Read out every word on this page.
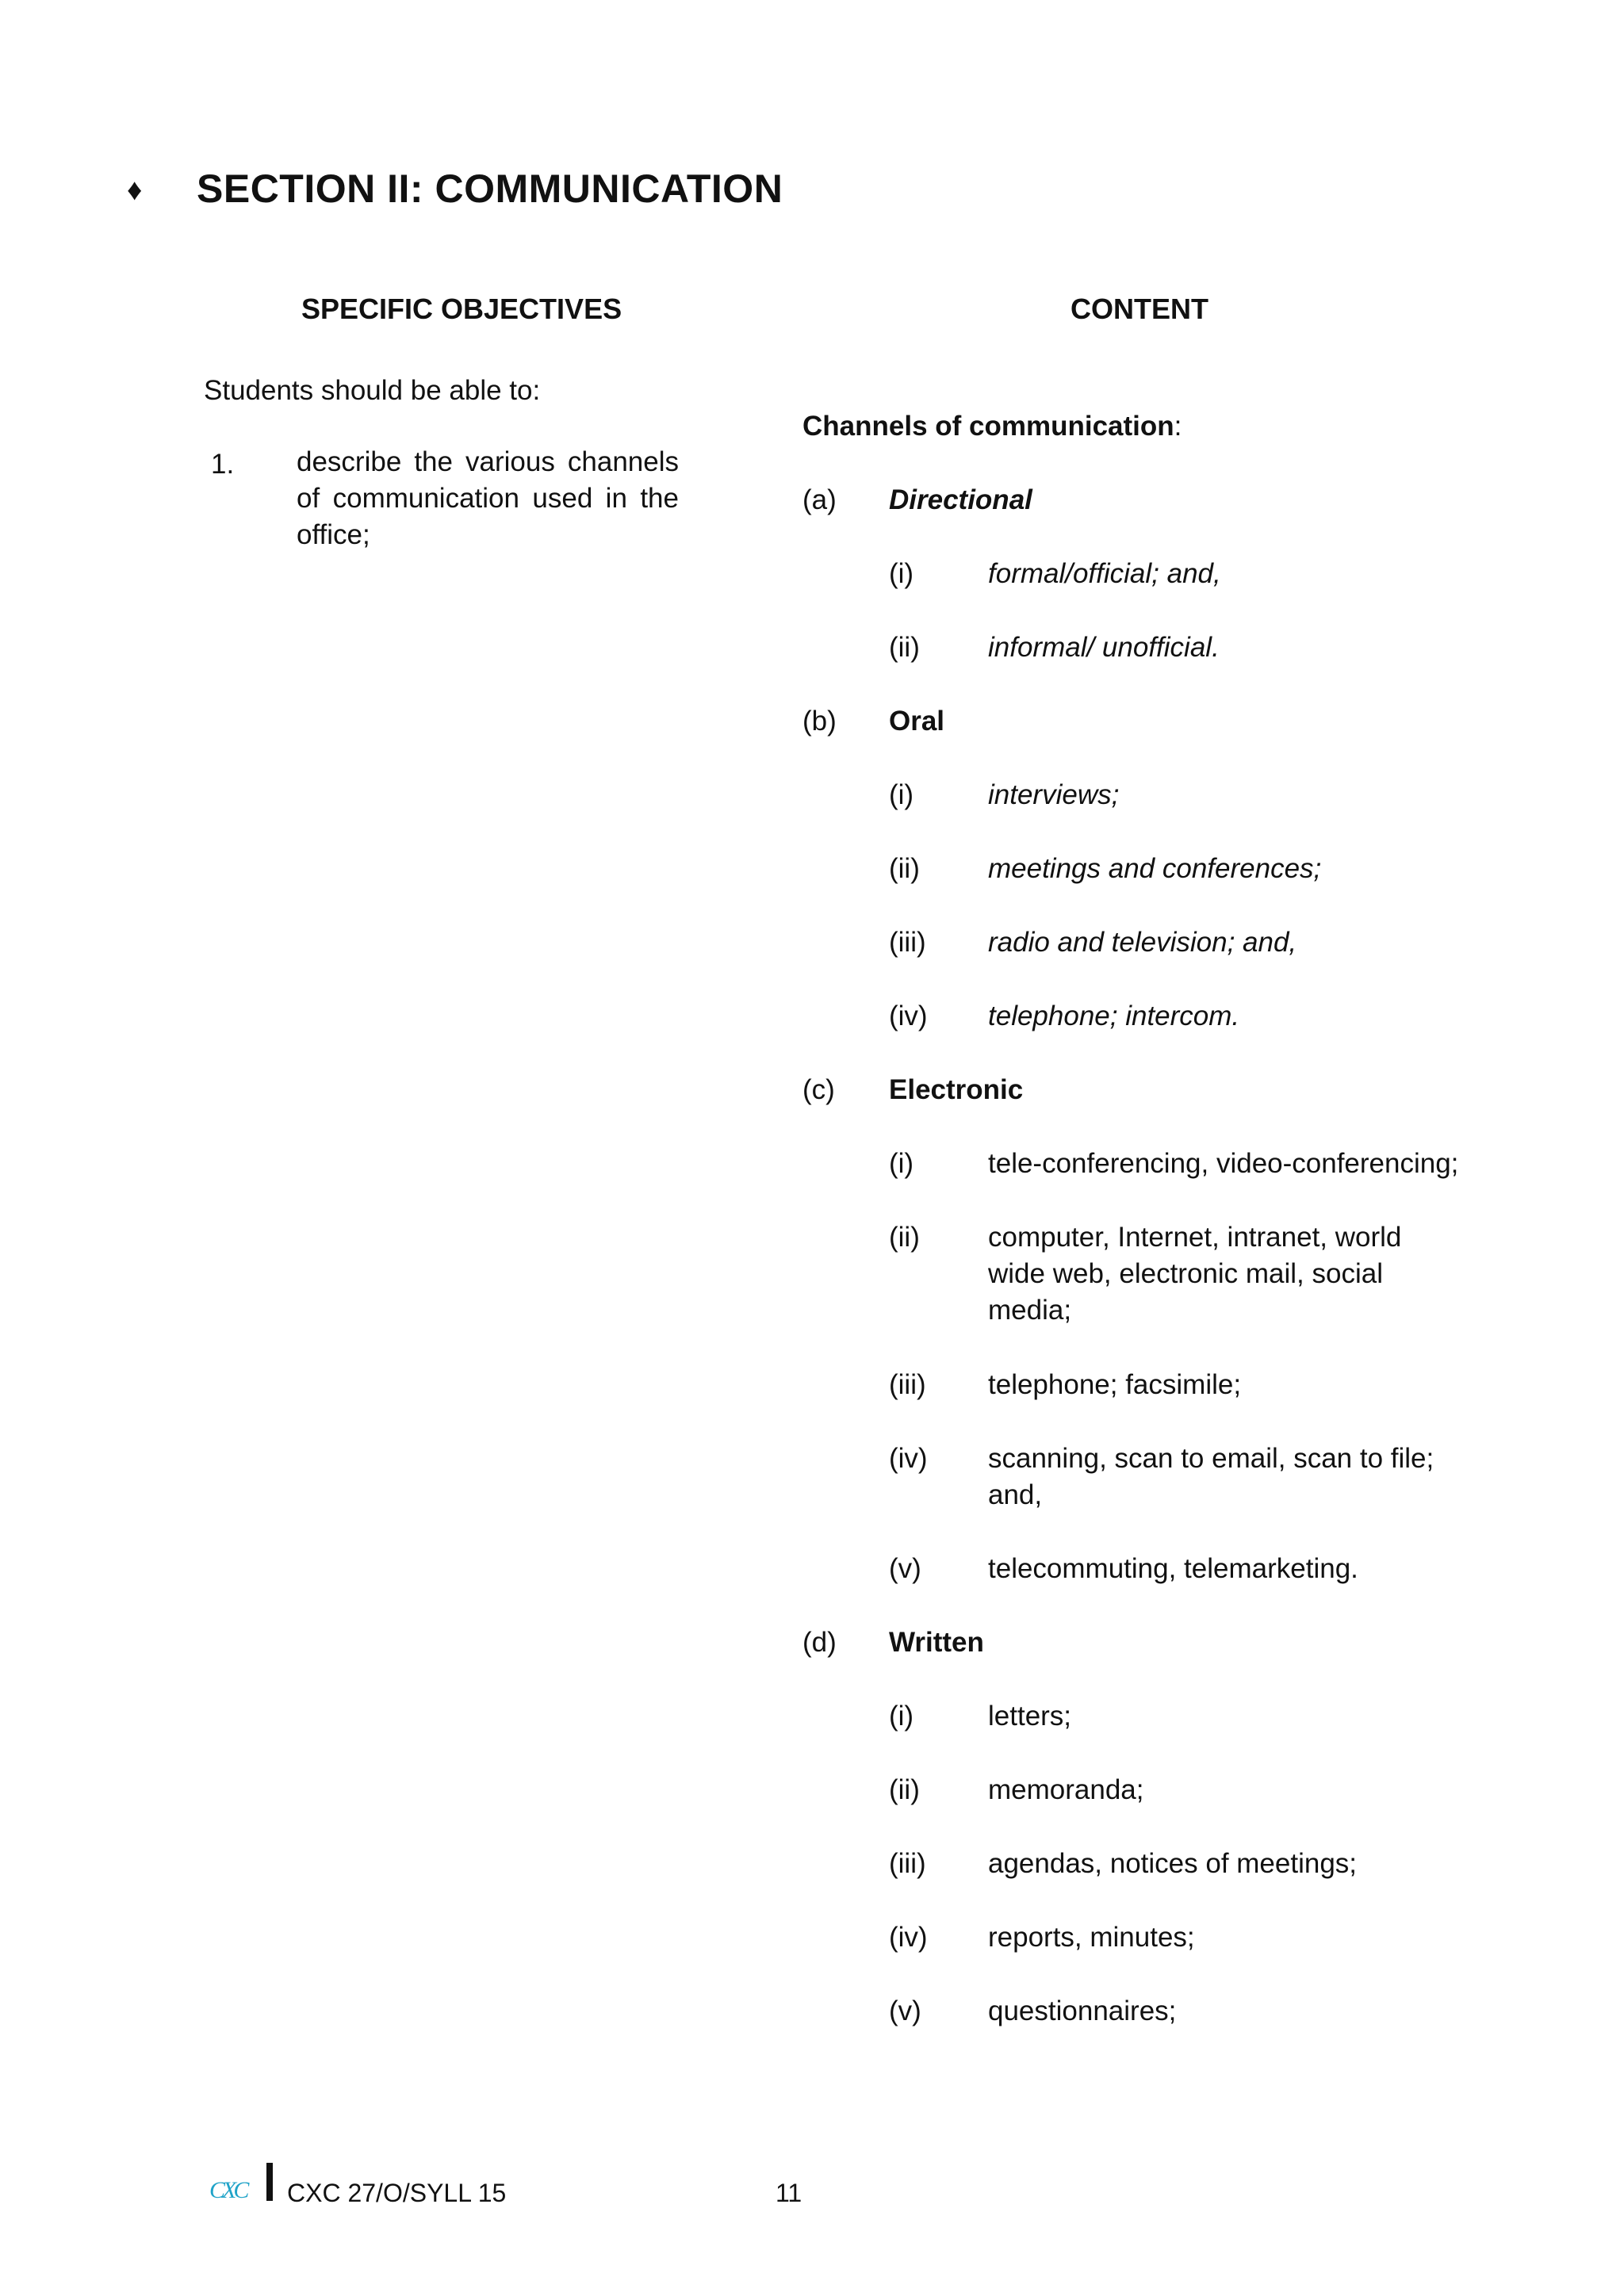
♦ SECTION II: COMMUNICATION
SPECIFIC OBJECTIVES	CONTENT
Students should be able to:
1. describe the various channels of communication used in the office;
Channels of communication:
(a) Directional
(i)	formal/official; and,
(ii) informal/ unofficial.
(b) Oral
(i)	interviews;
(ii) meetings and conferences;
(iii) radio and television; and,
(iv) telephone; intercom.
(c) Electronic
(i)	tele-conferencing, video-conferencing;
(ii) computer, Internet, intranet, world wide web, electronic mail, social media;
(iii) telephone; facsimile;
(iv) scanning, scan to email, scan to file; and,
(v) telecommuting, telemarketing.
(d) Written
(i)	letters;
(ii) memoranda;
(iii) agendas, notices of meetings;
(iv) reports, minutes;
(v) questionnaires;
CXC CXC 27/O/SYLL 15	11
